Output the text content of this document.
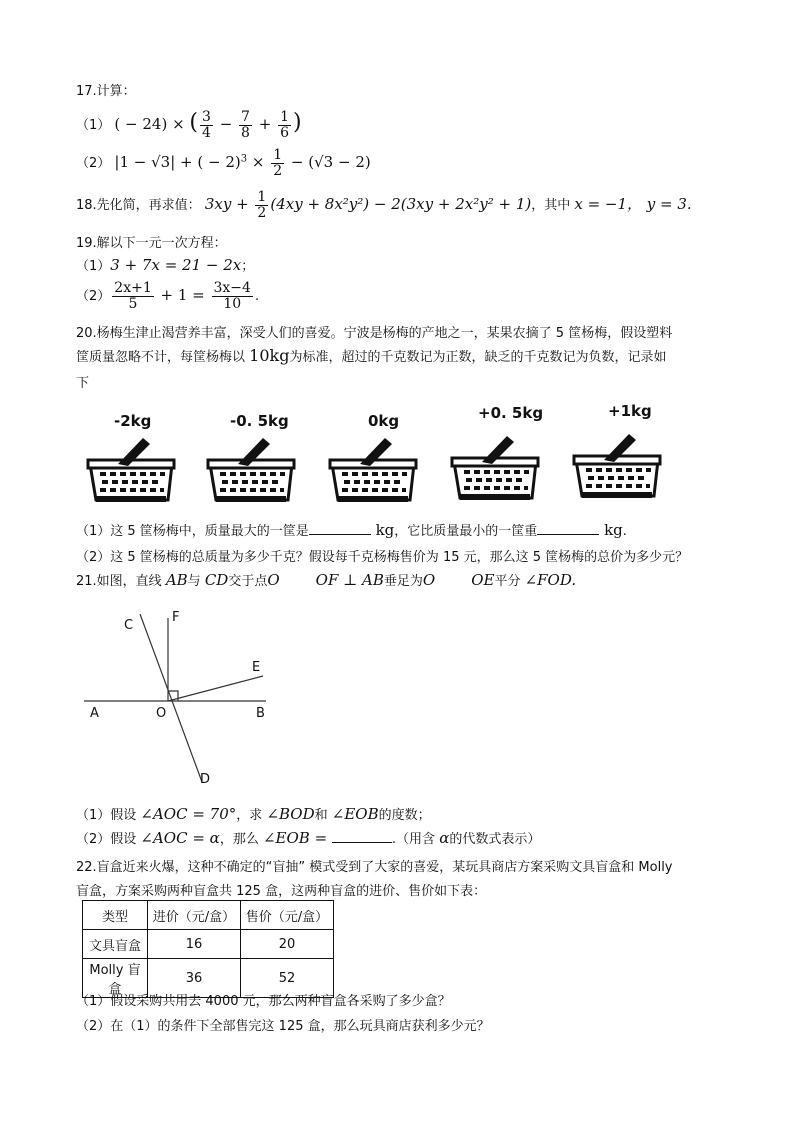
17.计算：
（1） ( − 24) × ( $\frac{3}{4} - \frac{7}{8} + \frac{1}{6}$ )
（2） |1 − √3| + ( − $2)^3 \times \frac{1}{2} - (√3 - 2)$
18.先化简，再求值： $3xy + \frac{1}{2} (4xy + 8x^2y^2) - 2(3xy + 2x^2y^2 + 1)$，其中 x = −1， y = 3.
19.解以下一元一次方程：
（1）3 + 7x = 21 − 2x；
$(2) \frac{2x+1}{5} + 1 = \frac{3x-4}{10}$ .
20.杨梅生津止渴营养丰富，深受人们的喜爱。宁波是杨梅的产地之一，某果农摘了 5 筐杨梅，假设塑料
筐质量忽略不计，每筐杨梅以 10kg为标准，超过的千克数记为正数，缺乏的千克数记为负数，记录如
下
-2kg	-0. 5kg	0kg	+0. 5kg	+1kg
（1）这 5 筐杨梅中，质量最大的一筐是	kg，它比质量最小的一筐重	kg.
（2）这 5 筐杨梅的总质量为多少千克？假设每千克杨梅售价为 15 元，那么这 5 筐杨梅的总价为多少元？
21.如图，直线 AB与 CD交于点O OF ⊥ AB垂足为O OE平分 ∠FOD.
C
F
E
A	O	B
D
（1）假设 ∠AOC = 70°，求 ∠BOD和 ∠EOB的度数；
（2）假设 ∠AOC = α，那么 ∠EOB =	.（用含 α的代数式表示）
22.盲盒近来火爆，这种不确定的“盲抽” 模式受到了大家的喜爱，某玩具商店方案采购文具盲盒和 Molly
盲盒，方案采购两种盲盒共 125 盒，这两种盲盒的进价、售价如下表：
类型	进价（元/盒）	售价（元/盒）
文具盲盒	16	20
Molly 盲盒	36	52
（1）假设采购共用去 4000 元，那么两种盲盒各采购了多少盒？
（2）在（1）的条件下全部售完这 125 盒，那么玩具商店获利多少元？
